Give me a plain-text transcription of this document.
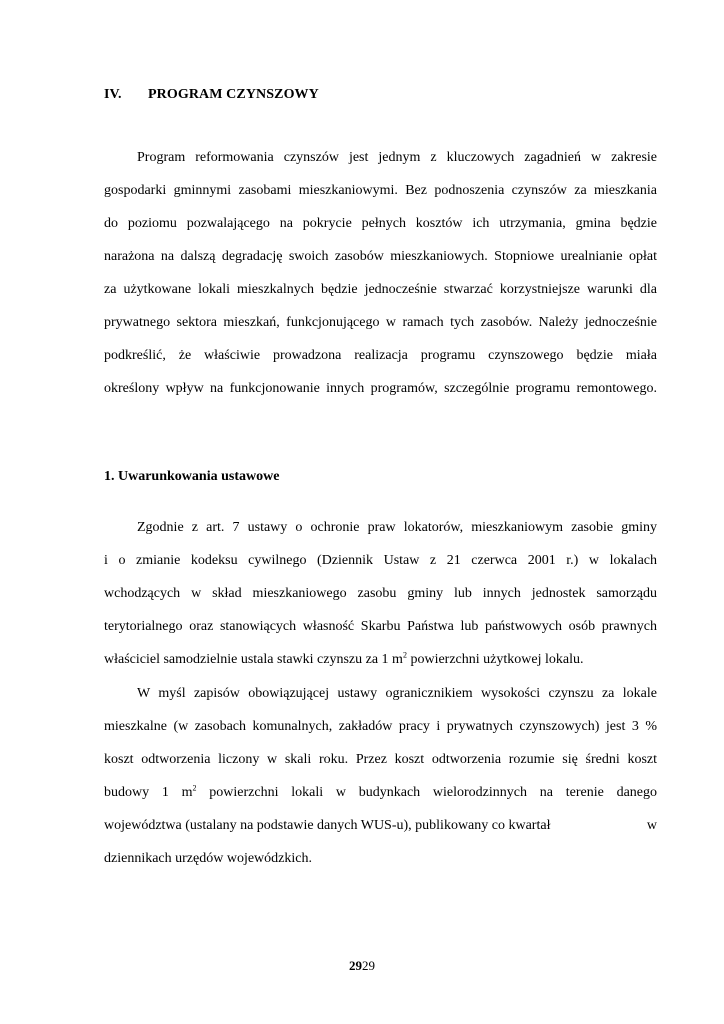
IV. PROGRAM CZYNSZOWY
Program reformowania czynszów jest jednym z kluczowych zagadnień w zakresie
gospodarki gminnymi zasobami mieszkaniowymi. Bez podnoszenia czynszów za mieszkania
do poziomu pozwalającego na pokrycie pełnych kosztów ich utrzymania, gmina będzie
narażona na dalszą degradację swoich zasobów mieszkaniowych. Stopniowe urealnianie opłat
za użytkowane lokali mieszkalnych będzie jednocześnie stwarzać korzystniejsze warunki dla
prywatnego sektora mieszkań, funkcjonującego w ramach tych zasobów. Należy jednocześnie
podkreślić, że właściwie prowadzona realizacja programu czynszowego będzie miała
określony wpływ na funkcjonowanie innych programów, szczególnie programu remontowego.
1. Uwarunkowania ustawowe
Zgodnie z art. 7 ustawy o ochronie praw lokatorów, mieszkaniowym zasobie gminy
i o zmianie kodeksu cywilnego (Dziennik Ustaw z 21 czerwca 2001 r.) w lokalach
wchodzących w skład mieszkaniowego zasobu gminy lub innych jednostek samorządu
terytorialnego oraz stanowiących własność Skarbu Państwa lub państwowych osób prawnych
właściciel samodzielnie ustala stawki czynszu za 1 $m^2$ powierzchni użytkowej lokalu.
W myśl zapisów obowiązującej ustawy ogranicznikiem wysokości czynszu za lokale
mieszkalne (w zasobach komunalnych, zakładów pracy i prywatnych czynszowych) jest 3 %
koszt odtworzenia liczony w skali roku. Przez koszt odtworzenia rozumie się średni koszt
budowy 1 $m^2$ powierzchni lokali w budynkach wielorodzinnych na terenie danego
województwa (ustalany na podstawie danych WUS-u), publikowany co kwartał	w
dziennikach urzędów wojewódzkich.
2929
